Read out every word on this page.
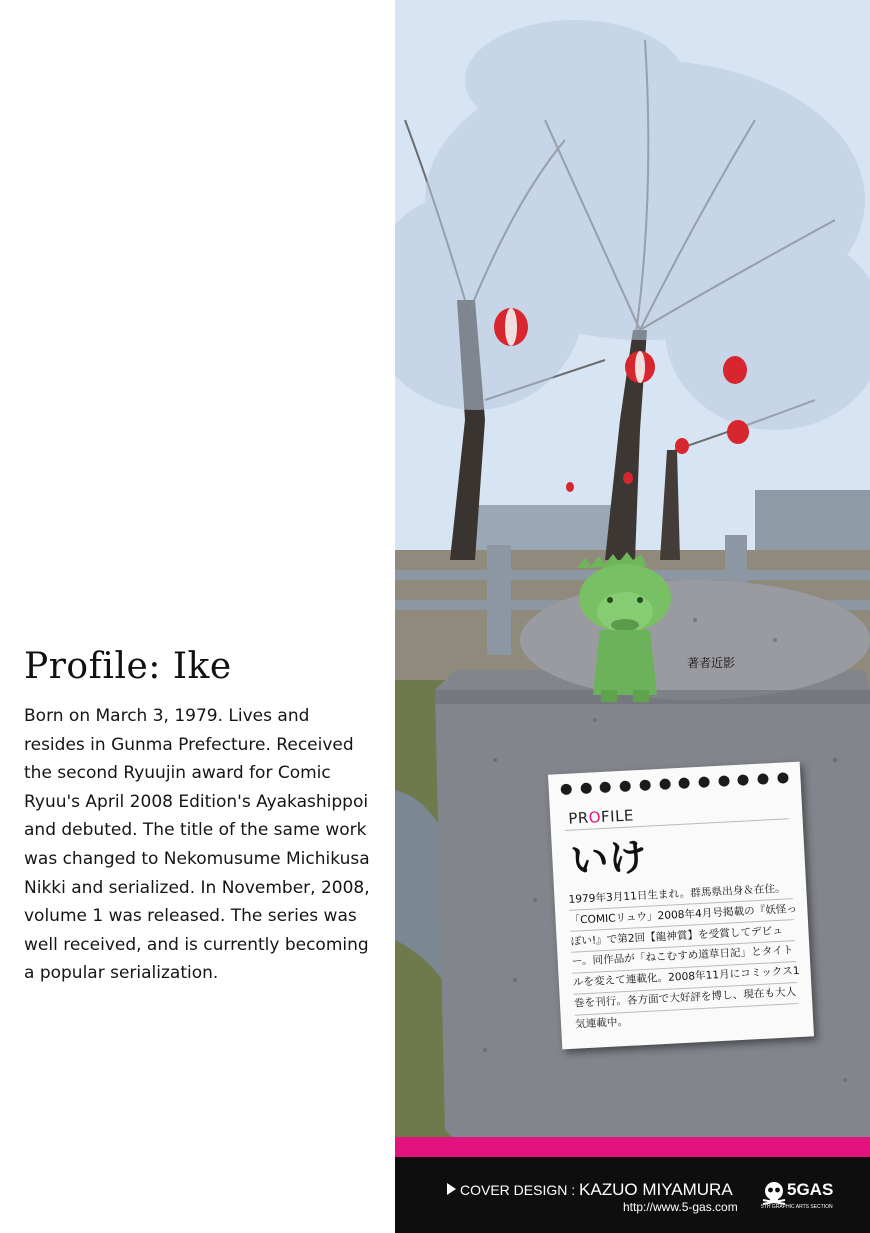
Profile: Ike
Born on March 3, 1979. Lives and resides in Gunma Prefecture. Received the second Ryuujin award for Comic Ryuu's April 2008 Edition's Ayakashippoi and debuted. The title of the same work was changed to Nekomusume Michikusa Nikki and serialized. In November, 2008, volume 1 was released. The series was well received, and is currently becoming a popular serialization.
著者近影
PROFILE
いけ
1979年3月11日生まれ。群馬県出身＆在住。「COMICリュウ」2008年4月号掲載の『妖怪っぽい!』で第2回【龍神賞】を受賞してデビュー。同作品が「ねこむすめ道草日記」とタイトルを変えて連載化。2008年11月にコミックス1巻を刊行。各方面で大好評を博し、現在も大人気連載中。
COVER DESIGN : KAZUO MIYAMURA
http://www.5-gas.com
5GAS
5ТН GRAPHIC ARTS SECTION
